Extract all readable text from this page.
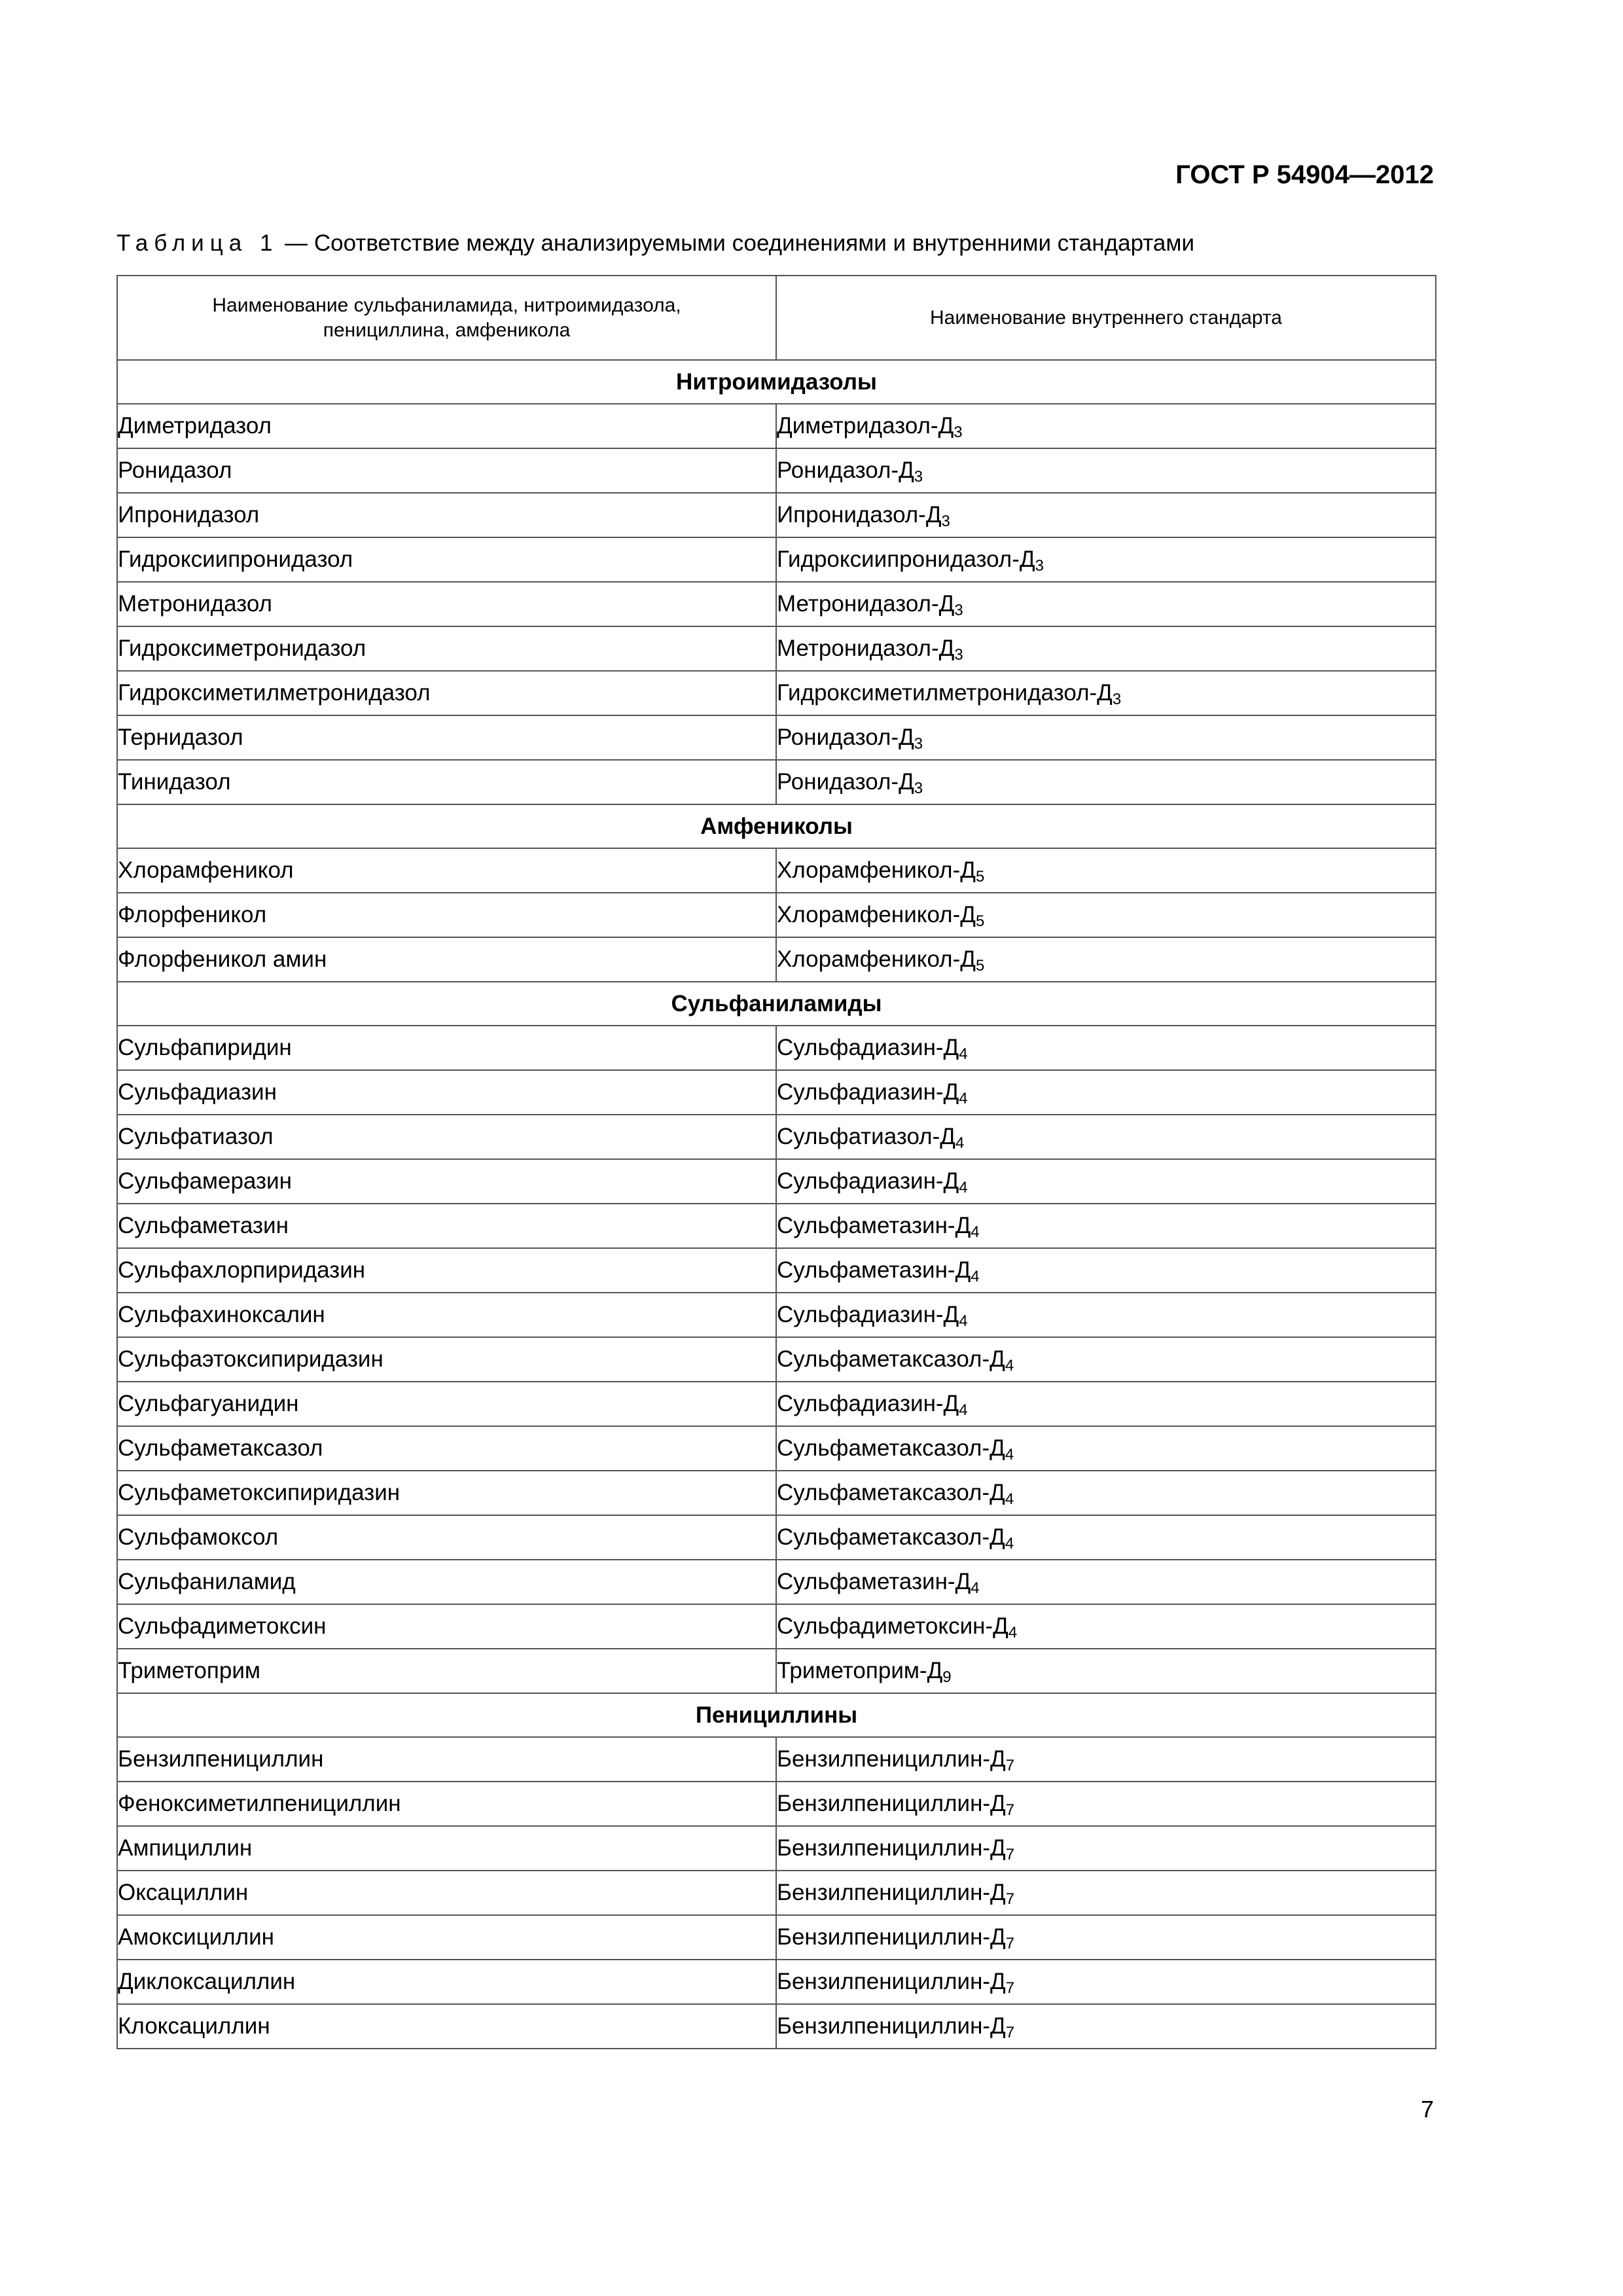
ГОСТ Р 54904—2012
Таблица 1 — Соответствие между анализируемыми соединениями и внутренними стандартами
Наименование сульфаниламида, нитроимидазола, пенициллина, амфеникола	Наименование внутреннего стандарта
Нитроимидазолы	
Диметридазол	Диметридазол-$Д_3$
Ронидазол	Ронидазол-$Д_3$
Ипронидазол	Ипронидазол-$Д_3$
Гидроксиипронидазол	Гидроксиипронидазол-$Д_3$
Метронидазол	Метронидазол-$Д_3$
Гидроксиметронидазол	Метронидазол-$Д_3$
Гидроксиметилметронидазол	Гидроксиметилметронидазол-$Д_3$
Тернидазол	Ронидазол-$Д_3$
Тинидазол	Ронидазол-$Д_3$
Амфениколы	
Хлорамфеникол	Хлорамфеникол-$Д_5$
Флорфеникол	Хлорамфеникол-$Д_5$
Флорфеникол амин	Хлорамфеникол-$Д_5$
Сульфаниламиды	
Сульфапиридин	Сульфадиазин-$Д_4$
Сульфадиазин	Сульфадиазин-$Д_4$
Сульфатиазол	Сульфатиазол-$Д_4$
Сульфамеразин	Сульфадиазин-$Д_4$
Сульфаметазин	Сульфаметазин-$Д_4$
Сульфахлорпиридазин	Сульфаметазин-$Д_4$
Сульфахиноксалин	Сульфадиазин-$Д_4$
Сульфаэтоксипиридазин	Сульфаметаксазол-$Д_4$
Сульфагуанидин	Сульфадиазин-$Д_4$
Сульфаметаксазол	Сульфаметаксазол-$Д_4$
Сульфаметоксипиридазин	Сульфаметаксазол-$Д_4$
Сульфамоксол	Сульфаметаксазол-$Д_4$
Сульфаниламид	Сульфаметазин-$Д_4$
Сульфадиметоксин	Сульфадиметоксин-$Д_4$
Триметоприм	Триметоприм-$Д_9$
Пенициллины	
Бензилпенициллин	Бензилпенициллин-$Д_7$
Феноксиметилпенициллин	Бензилпенициллин-$Д_7$
Ампициллин	Бензилпенициллин-$Д_7$
Оксациллин	Бензилпенициллин-$Д_7$
Амоксициллин	Бензилпенициллин-$Д_7$
Диклоксациллин	Бензилпенициллин-$Д_7$
Клоксациллин	Бензилпенициллин-$Д_7$
7
